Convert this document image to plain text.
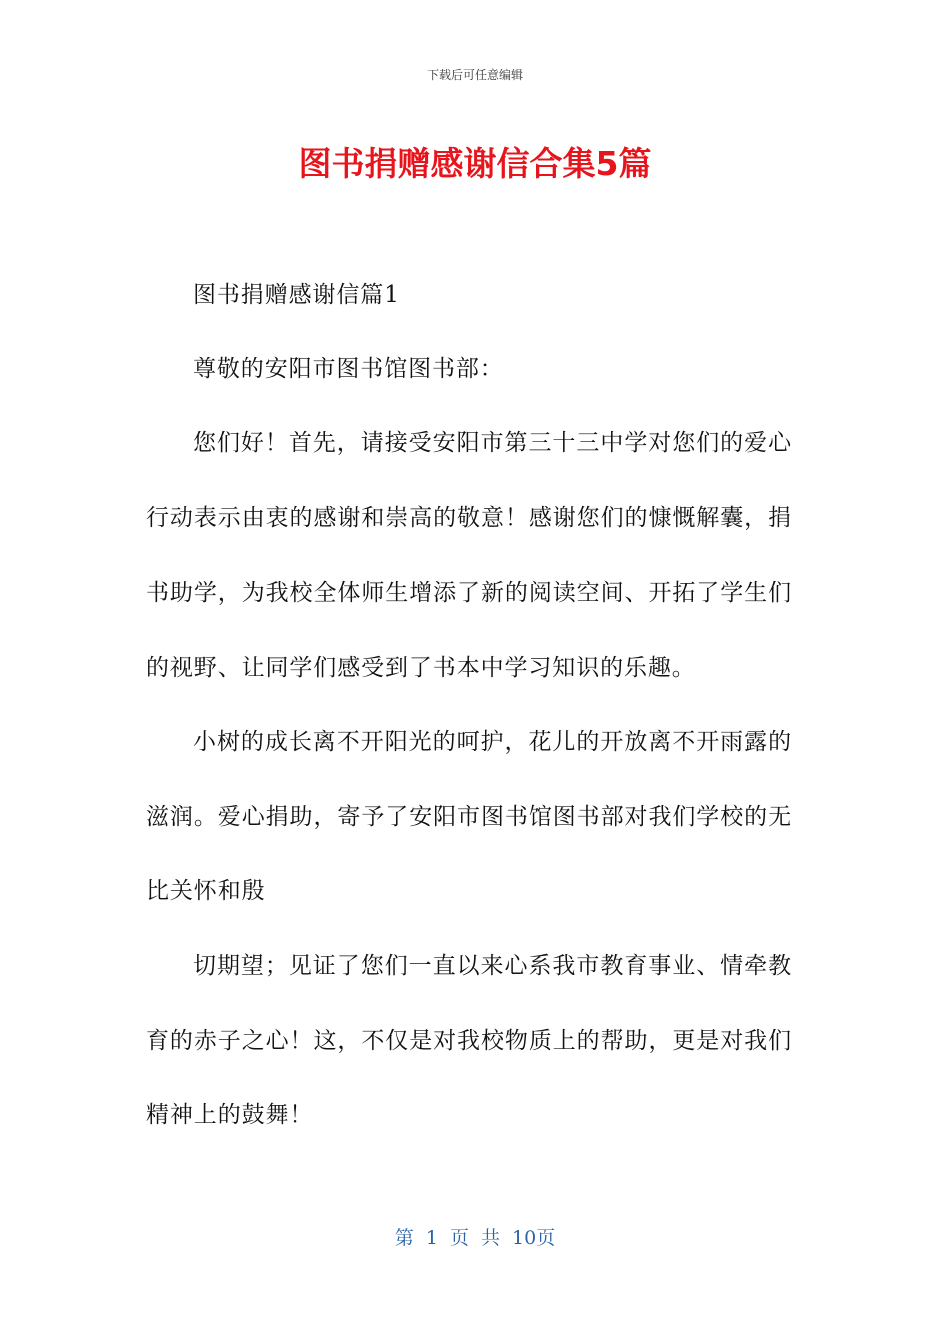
下载后可任意编辑
图书捐赠感谢信合集5篇
图书捐赠感谢信篇1
尊敬的安阳市图书馆图书部：
您们好！首先，请接受安阳市第三十三中学对您们的爱心
行动表示由衷的感谢和崇高的敬意！感谢您们的慷慨解囊，捐
书助学，为我校全体师生增添了新的阅读空间、开拓了学生们
的视野、让同学们感受到了书本中学习知识的乐趣。
小树的成长离不开阳光的呵护，花儿的开放离不开雨露的
滋润。爱心捐助，寄予了安阳市图书馆图书部对我们学校的无
比关怀和殷
切期望；见证了您们一直以来心系我市教育事业、情牵教
育的赤子之心！这，不仅是对我校物质上的帮助，更是对我们
精神上的鼓舞！
第 1 页 共 10页
